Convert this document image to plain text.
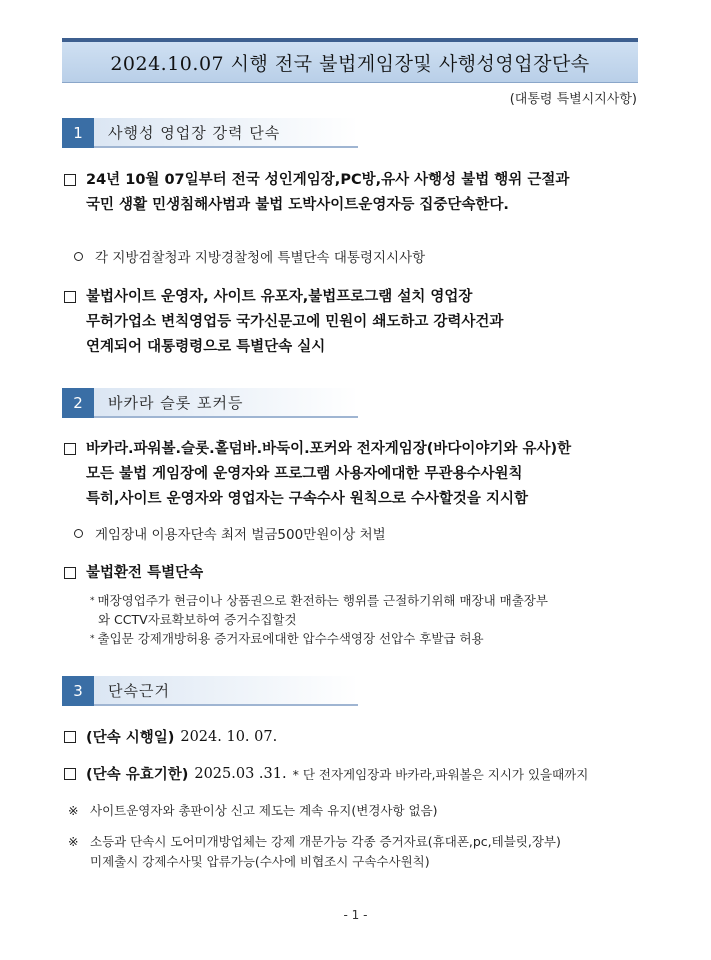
2024.10.07 시행 전국 불법게임장및 사행성영업장단속
(대통령 특별시지사항)
1	사행성 영업장 강력 단속
24년 10월 07일부터 전국 성인게임장,PC방,유사 사행성 불법 행위 근절과
국민 생활 민생침해사범과 불법 도박사이트운영자등 집중단속한다.
각 지방검찰청과 지방경찰청에 특별단속 대통령지시사항
불법사이트 운영자, 사이트 유포자,불법프로그램 설치 영업장
무허가업소 변칙영업등 국가신문고에 민원이 쇄도하고 강력사건과
연계되어 대통령령으로 특별단속 실시
2	바카라 슬롯 포커등
바카라.파워볼.슬롯.홀덤바.바둑이.포커와 전자게임장(바다이야기와 유사)한
모든 불법 게임장에 운영자와 프로그램 사용자에대한 무관용수사원칙
특히,사이트 운영자와 영업자는 구속수사 원칙으로 수사할것을 지시함
게임장내 이용자단속 최저 벌금500만원이상 처벌
불법환전 특별단속
* 매장영업주가 현금이나 상품권으로 환전하는 행위를 근절하기위해 매장내 매출장부
와 CCTV자료확보하여 증거수집할것
* 출입문 강제개방허용 증거자료에대한 압수수색영장 선압수 후발급 허용
3	단속근거
(단속 시행일) 2024. 10. 07.
(단속 유효기한) 2025.03 .31. * 단 전자게임장과 바카라,파워볼은 지시가 있을때까지
※ 사이트운영자와 총판이상 신고 제도는 계속 유지(변경사항 없음)
※ 소등과 단속시 도어미개방업체는 강제 개문가능 각종 증거자료(휴대폰,pc,테블릿,장부)
미제출시 강제수사및 압류가능(수사에 비협조시 구속수사원칙)
- 1 -
